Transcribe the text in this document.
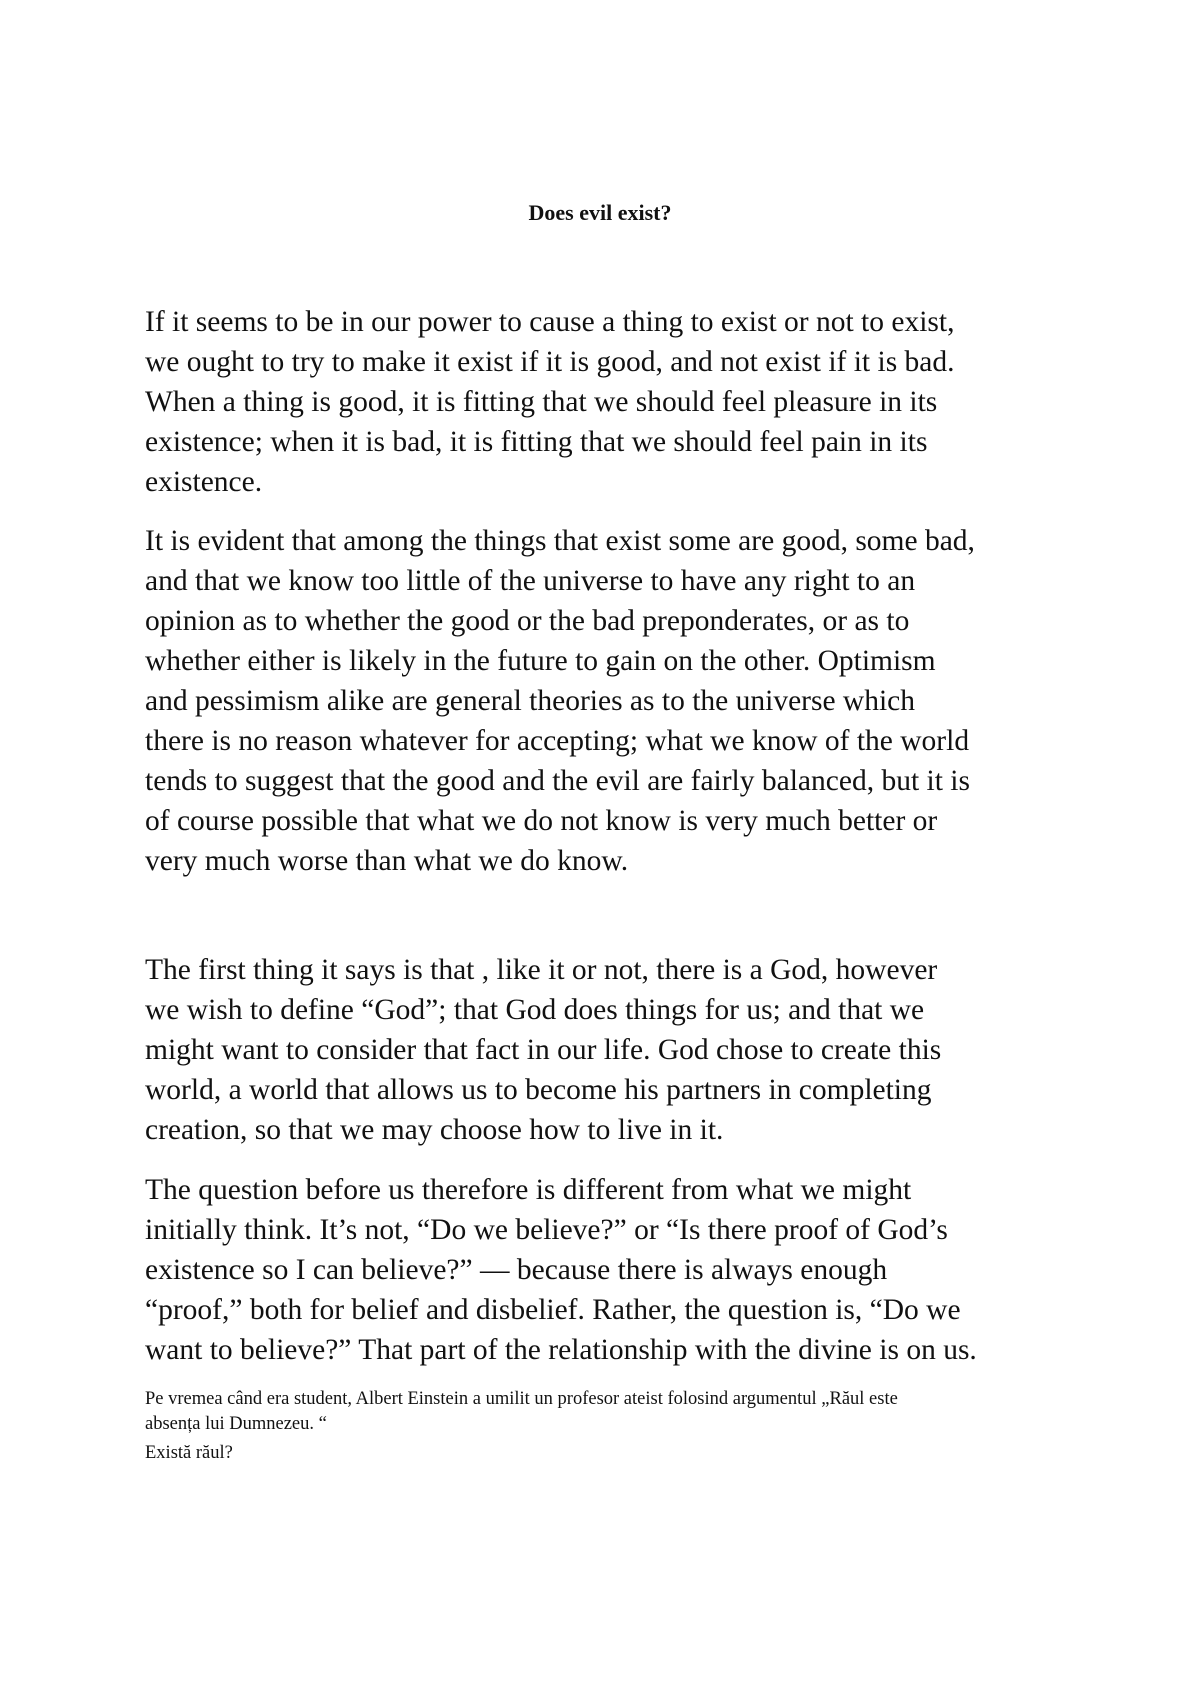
Does evil exist?

If it seems to be in our power to cause a thing to exist or not to exist,
we ought to try to make it exist if it is good, and not exist if it is bad.
When a thing is good, it is fitting that we should feel pleasure in its
existence; when it is bad, it is fitting that we should feel pain in its
existence.

It is evident that among the things that exist some are good, some bad,
and that we know too little of the universe to have any right to an
opinion as to whether the good or the bad preponderates, or as to
whether either is likely in the future to gain on the other. Optimism
and pessimism alike are general theories as to the universe which
there is no reason whatever for accepting; what we know of the world
tends to suggest that the good and the evil are fairly balanced, but it is
of course possible that what we do not know is very much better or
very much worse than what we do know.

The first thing it says is that , like it or not, there is a God, however
we wish to define “God”; that God does things for us; and that we
might want to consider that fact in our life. God chose to create this
world, a world that allows us to become his partners in completing
creation, so that we may choose how to live in it.

The question before us therefore is different from what we might
initially think. It’s not, “Do we believe?” or “Is there proof of God’s
existence so I can believe?” — because there is always enough
“proof,” both for belief and disbelief. Rather, the question is, “Do we
want to believe?” That part of the relationship with the divine is on us.

Pe vremea când era student, Albert Einstein a umilit un profesor ateist folosind argumentul „Răul este
absența lui Dumnezeu. “

Există răul?
